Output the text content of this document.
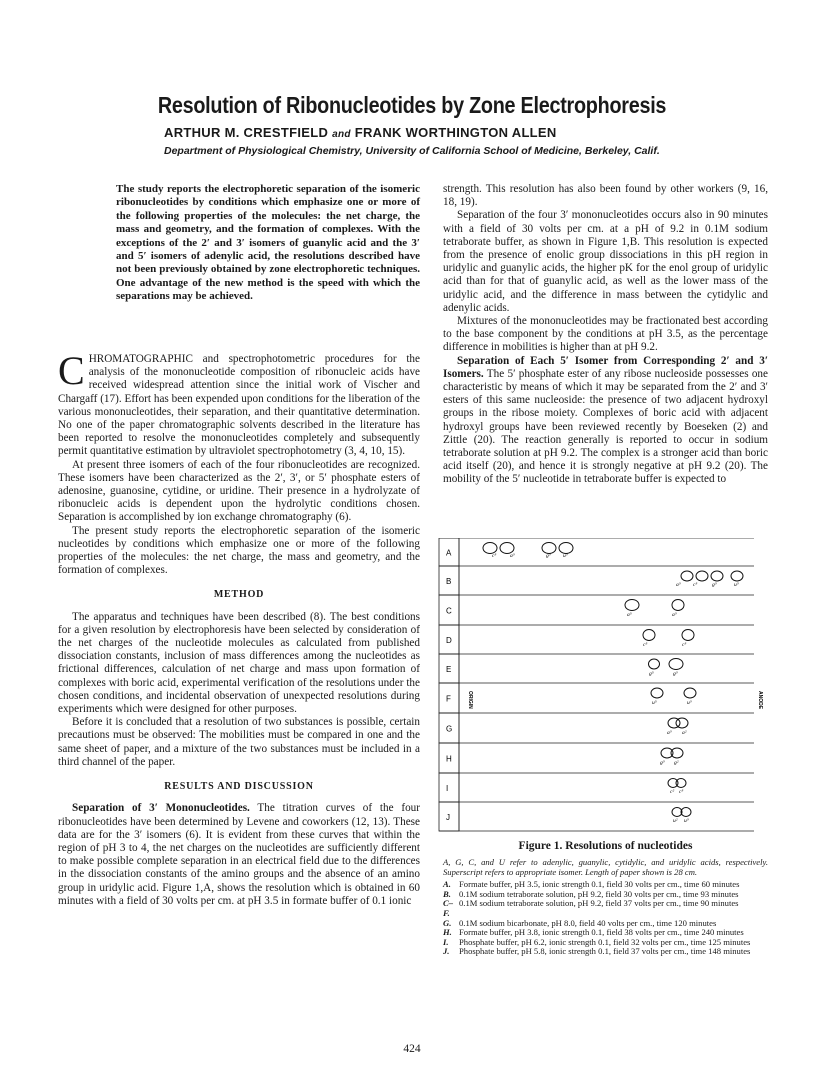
Resolution of Ribonucleotides by Zone Electrophoresis
ARTHUR M. CRESTFIELD and FRANK WORTHINGTON ALLEN
Department of Physiological Chemistry, University of California School of Medicine, Berkeley, Calif.
The study reports the electrophoretic separation of the isomeric ribonucleotides by conditions which emphasize one or more of the following properties of the molecules: the net charge, the mass and geometry, and the formation of complexes. With the exceptions of the 2′ and 3′ isomers of guanylic acid and the 3′ and 5′ isomers of adenylic acid, the resolutions described have not been previously obtained by zone electrophoretic techniques. One advantage of the new method is the speed with which the separations may be achieved.

CHROMATOGRAPHIC and spectrophotometric procedures for the analysis of the mononucleotide composition of ribonucleic acids have received widespread attention since the initial work of Vischer and Chargaff (17). Effort has been expended upon conditions for the liberation of the various mononucleotides, their separation, and their quantitative determination. No one of the paper chromatographic solvents described in the literature has been reported to resolve the mononucleotides completely and subsequently permit quantitative estimation by ultraviolet spectrophotometry (3, 4, 10, 15).

At present three isomers of each of the four ribonucleotides are recognized. These isomers have been characterized as the 2′, 3′, or 5′ phosphate esters of adenosine, guanosine, cytidine, or uridine. Their presence in a hydrolyzate of ribonucleic acids is dependent upon the hydrolytic conditions chosen. Separation is accomplished by ion exchange chromatography (6).

The present study reports the electrophoretic separation of the isomeric nucleotides by conditions which emphasize one or more of the following properties of the molecules: the net charge, the mass and geometry, and the formation of complexes.

METHOD

The apparatus and techniques have been described (8). The best conditions for a given resolution by electrophoresis have been selected by consideration of the net charges of the nucleotide molecules as calculated from published dissociation constants, inclusion of mass differences among the nucleotides as frictional differences, calculation of net charge and mass upon formation of complexes with boric acid, experimental verification of the resolutions under the chosen conditions, and incidental observation of unexpected resolutions during experiments which were designed for other purposes.

Before it is concluded that a resolution of two substances is possible, certain precautions must be observed: The mobilities must be compared in one and the same sheet of paper, and a mixture of the two substances must be included in a third channel of the paper.

RESULTS AND DISCUSSION

Separation of 3′ Mononucleotides. The titration curves of the four ribonucleotides have been determined by Levene and coworkers (12, 13). These data are for the 3′ isomers (6). It is evident from these curves that within the region of pH 3 to 4, the net charges on the nucleotides are sufficiently different to make possible complete separation in an electrical field due to the differences in the dissociation constants of the amino groups and the absence of an amino group in uridylic acid. Figure 1,A, shows the resolution which is obtained in 60 minutes with a field of 30 volts per cm. at pH 3.5 in formate buffer of 0.1 ionic

strength. This resolution has also been found by other workers (9, 16, 18, 19).

Separation of the four 3′ mononucleotides occurs also in 90 minutes with a field of 30 volts per cm. at a pH of 9.2 in 0.1M sodium tetraborate buffer, as shown in Figure 1,B. This resolution is expected from the presence of enolic group dissociations in this pH region in uridylic and guanylic acids, the higher pK for the enol group of uridylic acid than for that of guanylic acid, as well as the lower mass of the uridylic acid, and the difference in mass between the cytidylic and adenylic acids.

Mixtures of the mononucleotides may be fractionated best according to the base component by the conditions at pH 3.5, as the percentage difference in mobilities is higher than at pH 9.2.

Separation of Each 5′ Isomer from Corresponding 2′ and 3′ Isomers. The 5′ phosphate ester of any ribose nucleoside possesses one characteristic by means of which it may be separated from the 2′ and 3′ esters of this same nucleoside: the presence of two adjacent hydroxyl groups in the ribose moiety. Complexes of boric acid with adjacent hydroxyl groups have been reviewed recently by Boeseken (2) and Zittle (20). The reaction generally is reported to occur in sodium tetraborate solution at pH 9.2. The complex is a stronger acid than boric acid itself (20), and hence it is strongly negative at pH 9.2 (20). The mobility of the 5′ nucleotide in tetraborate buffer is expected to

A	c³	a³	g³ u³
B	a³ c³	g³	u³
C	a⁵	a³
D	c⁵	c³
E	g⁵	g³
F	u⁵	u³
G	a³ a²
H	g³ g²
I	c² c³
J	u² u³
ORIGIN	ANODE
Figure 1. Resolutions of nucleotides
A, G, C, and U refer to adenylic, guanylic, cytidylic, and uridylic acids, respectively. Superscript refers to appropriate isomer. Length of paper shown is 28 cm.
A. Formate buffer, pH 3.5, ionic strength 0.1, field 30 volts per cm., time 60 minutes
B. 0.1M sodium tetraborate solution, pH 9.2, field 30 volts per cm., time 93 minutes
C–F.
0.1M sodium tetraborate solution, pH 9.2, field 37 volts per cm., time 90 minutes
G. 0.1M sodium bicarbonate, pH 8.0, field 40 volts per cm., time 120 minutes
H. Formate buffer, pH 3.8, ionic strength 0.1, field 38 volts per cm., time 240 minutes
I.	Phosphate buffer, pH 6.2, ionic strength 0.1, field 32 volts per cm., time 125 minutes
J.	Phosphate buffer, pH 5.8, ionic strength 0.1, field 37 volts per cm., time 148 minutes
424
